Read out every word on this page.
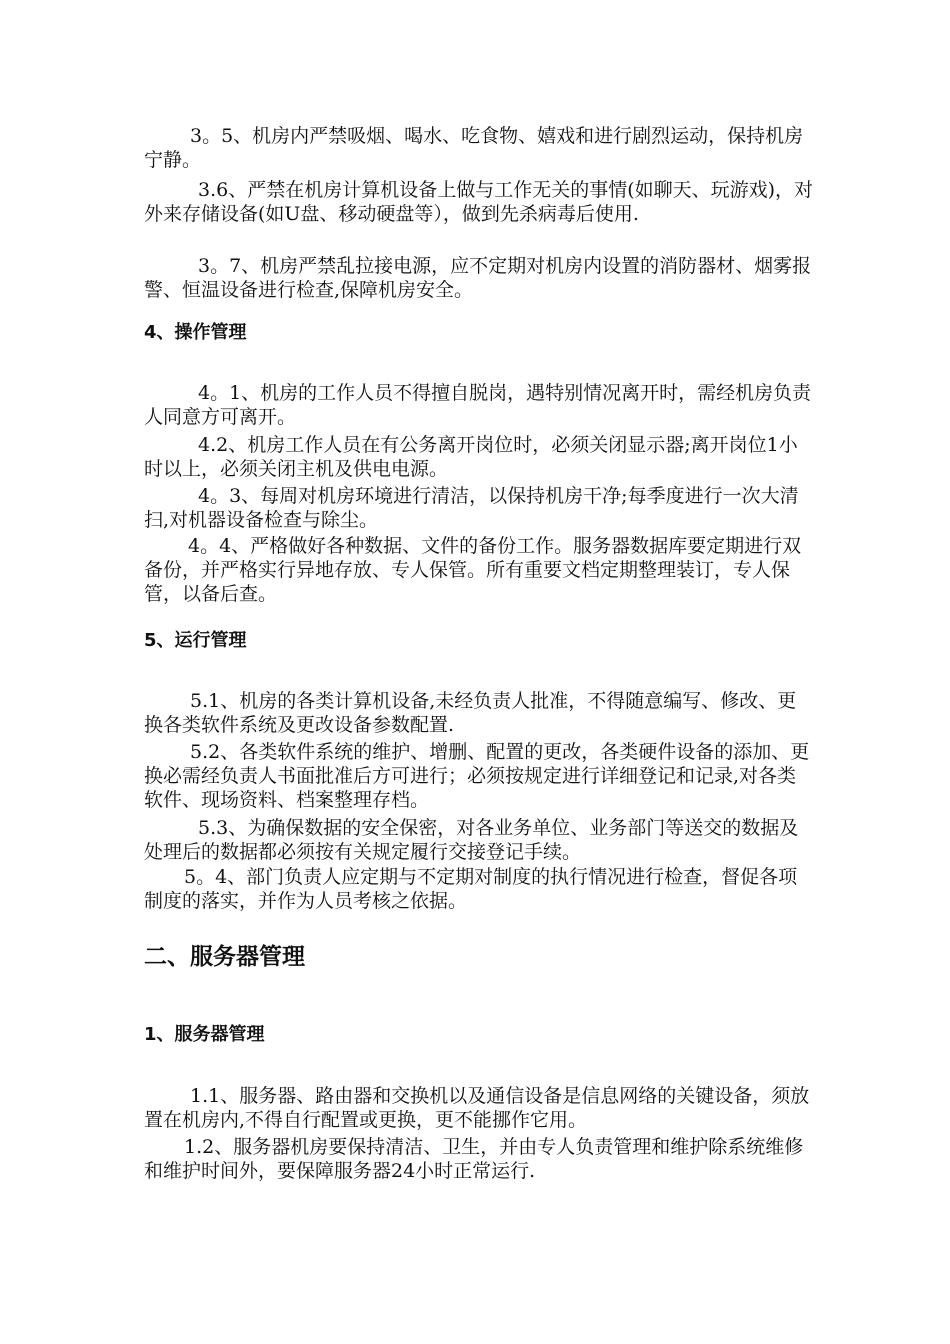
3。5、机房内严禁吸烟、喝水、吃食物、嬉戏和进行剧烈运动，保持机房宁静。

3.6、严禁在机房计算机设备上做与工作无关的事情(如聊天、玩游戏)，对外来存储设备(如U盘、移动硬盘等），做到先杀病毒后使用.

3。7、机房严禁乱拉接电源，应不定期对机房内设置的消防器材、烟雾报警、恒温设备进行检查,保障机房安全。

4、操作管理

4。1、机房的工作人员不得擅自脱岗，遇特别情况离开时，需经机房负责人同意方可离开。

4.2、机房工作人员在有公务离开岗位时，必须关闭显示器;离开岗位1小时以上，必须关闭主机及供电电源。

4。3、每周对机房环境进行清洁，以保持机房干净;每季度进行一次大清扫,对机器设备检查与除尘。

4。4、严格做好各种数据、文件的备份工作。服务器数据库要定期进行双备份，并严格实行异地存放、专人保管。所有重要文档定期整理装订，专人保管，以备后查。

5、运行管理

5.1、机房的各类计算机设备,未经负责人批准，不得随意编写、修改、更换各类软件系统及更改设备参数配置.

5.2、各类软件系统的维护、增删、配置的更改，各类硬件设备的添加、更换必需经负责人书面批准后方可进行；必须按规定进行详细登记和记录,对各类软件、现场资料、档案整理存档。

5.3、为确保数据的安全保密，对各业务单位、业务部门等送交的数据及处理后的数据都必须按有关规定履行交接登记手续。

5。4、部门负责人应定期与不定期对制度的执行情况进行检查，督促各项制度的落实，并作为人员考核之依据。

二、服务器管理
1、服务器管理

1.1、服务器、路由器和交换机以及通信设备是信息网络的关键设备，须放置在机房内,不得自行配置或更换，更不能挪作它用。

1.2、服务器机房要保持清洁、卫生，并由专人负责管理和维护除系统维修和维护时间外，要保障服务器24小时正常运行.
